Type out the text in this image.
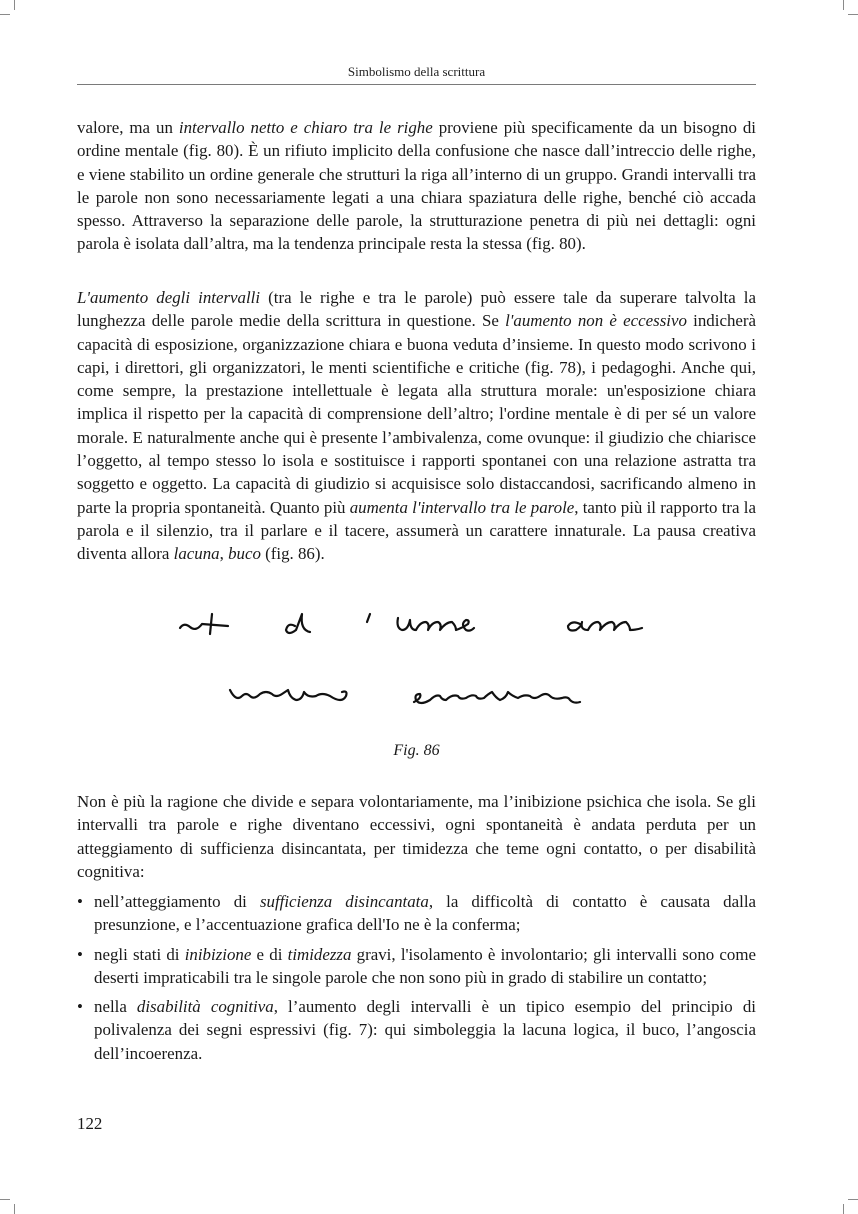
Simbolismo della scrittura

valore, ma un intervallo netto e chiaro tra le righe proviene più specificamente da un bisogno di ordine mentale (fig. 80). È un rifiuto implicito della confusione che nasce dall’intreccio delle righe, e viene stabilito un ordine generale che strutturi la riga all’interno di un gruppo. Grandi intervalli tra le parole non sono necessariamente legati a una chiara spaziatura delle righe, benché ciò accada spesso. Attraverso la separazione delle parole, la strutturazione penetra di più nei dettagli: ogni parola è isolata dall’altra, ma la tendenza principale resta la stessa (fig. 80).

L'aumento degli intervalli (tra le righe e tra le parole) può essere tale da superare talvolta la lunghezza delle parole medie della scrittura in questione. Se l'aumento non è eccessivo indicherà capacità di esposizione, organizzazione chiara e buona veduta d’insieme. In questo modo scrivono i capi, i direttori, gli organizzatori, le menti scientifiche e critiche (fig. 78), i pedagoghi. Anche qui, come sempre, la prestazione intellettuale è legata alla struttura morale: un'esposizione chiara implica il rispetto per la capacità di comprensione dell’altro; l'ordine mentale è di per sé un valore morale. E naturalmente anche qui è presente l’ambivalenza, come ovunque: il giudizio che chiarisce l’oggetto, al tempo stesso lo isola e sostituisce i rapporti spontanei con una relazione astratta tra soggetto e oggetto. La capacità di giudizio si acquisisce solo distaccandosi, sacrificando almeno in parte la propria spontaneità. Quanto più aumenta l'intervallo tra le parole, tanto più il rapporto tra la parola e il silenzio, tra il parlare e il tacere, assumerà un carattere innaturale. La pausa creativa diventa allora lacuna, buco (fig. 86).

Fig. 86

Non è più la ragione che divide e separa volontariamente, ma l’inibizione psichica che isola. Se gli intervalli tra parole e righe diventano eccessivi, ogni spontaneità è andata perduta per un atteggiamento di sufficienza disincantata, per timidezza che teme ogni contatto, o per disabilità cognitiva:

• nell’atteggiamento di sufficienza disincantata, la difficoltà di contatto è causata dalla presunzione, e l’accentuazione grafica dell'Io ne è la conferma;
• negli stati di inibizione e di timidezza gravi, l'isolamento è involontario; gli intervalli sono come deserti impraticabili tra le singole parole che non sono più in grado di stabilire un contatto;
• nella disabilità cognitiva, l’aumento degli intervalli è un tipico esempio del principio di polivalenza dei segni espressivi (fig. 7): qui simboleggia la lacuna logica, il buco, l’angoscia dell’incoerenza.
122
